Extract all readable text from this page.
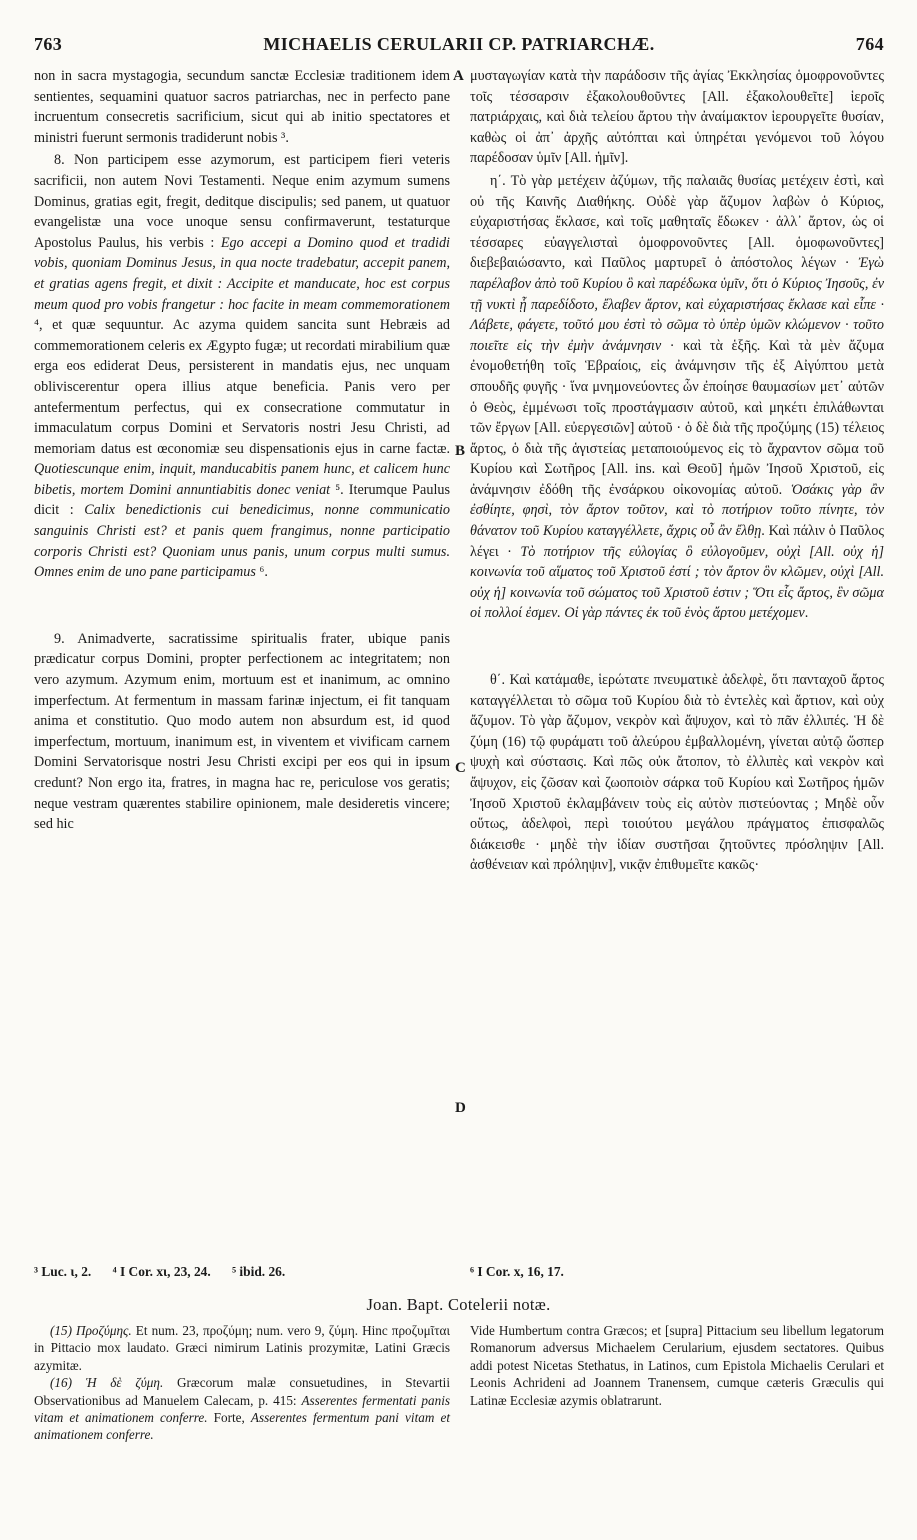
763	MICHAELIS CERULARII CP. PATRIARCHÆ.	764

non in sacra mystagogia, secundum sanctæ Ecclesiæ traditionem idem sentientes, sequamini quatuor sacros patriarchas, nec in perfecto pane incruentum consecretis sacrificium, sicut qui ab initio spectatores et ministri fuerunt sermonis tradiderunt nobis ³.

8. Non participem esse azymorum, est participem fieri veteris sacrificii, non autem Novi Testamenti. Neque enim azymum sumens Dominus, gratias egit, fregit, deditque discipulis; sed panem, ut quatuor evangelistæ una voce unoque sensu confirmaverunt, testaturque Apostolus Paulus, his verbis : Ego accepi a Domino quod et tradidi vobis, quoniam Dominus Jesus, in qua nocte tradebatur, accepit panem, et gratias agens fregit, et dixit : Accipite et manducate, hoc est corpus meum quod pro vobis frangetur : hoc facite in meam commemorationem ⁴, et quæ sequuntur. Ac azyma quidem sancita sunt Hebræis ad commemorationem celeris ex Ægypto fugæ; ut recordati mirabilium quæ erga eos ediderat Deus, persisterent in mandatis ejus, nec unquam obliviscerentur opera illius atque beneficia. Panis vero per antefermentum perfectus, qui ex consecratione commutatur in immaculatum corpus Domini et Servatoris nostri Jesu Christi, ad memoriam datus est œconomiæ seu dispensationis ejus in carne factæ. Quotiescunque enim, inquit, manducabitis panem hunc, et calicem hunc bibetis, mortem Domini annuntiabitis donec veniat ⁵. Iterumque Paulus dicit : Calix benedictionis cui benedicimus, nonne communicatio sanguinis Christi est? et panis quem frangimus, nonne participatio corporis Christi est? Quoniam unus panis, unum corpus multi sumus. Omnes enim de uno pane participamus ⁶.

9. Animadverte, sacratissime spiritualis frater, ubique panis prædicatur corpus Domini, propter perfectionem ac integritatem; non vero azymum. Azymum enim, mortuum est et inanimum, ac omnino imperfectum. At fermentum in massam farinæ injectum, ei fit tanquam anima et constitutio. Quo modo autem non absurdum est, id quod imperfectum, mortuum, inanimum est, in viventem et vivificam carnem Domini Servatorisque nostri Jesu Christi excipi per eos qui in ipsum credunt? Non ergo ita, fratres, in magna hac re, periculose vos geratis; neque vestram quærentes stabilire opinionem, male desideretis vincere; sed hic

μυσταγωγίαν κατὰ τὴν παράδοσιν τῆς ἁγίας Ἐκκλησίας ὁμοφρονοῦντες τοῖς τέσσαρσιν ἐξακολουθοῦντες [All. ἐξακολουθεῖτε] ἱεροῖς πατριάρχαις, καὶ διὰ τελείου ἄρτου τὴν ἀναίμακτον ἱερουργεῖτε θυσίαν, καθὼς οἱ ἀπ᾽ ἀρχῆς αὐτόπται καὶ ὑπηρέται γενόμενοι τοῦ λόγου παρέδοσαν ὑμῖν [All. ἡμῖν].

η΄. Τὸ γὰρ μετέχειν ἀζύμων, τῆς παλαιᾶς θυσίας μετέχειν ἐστὶ, καὶ οὐ τῆς Καινῆς Διαθήκης. Οὐδὲ γὰρ ἄζυμον λαβὼν ὁ Κύριος, εὐχαριστήσας ἔκλασε, καὶ τοῖς μαθηταῖς ἔδωκεν · ἀλλ᾽ ἄρτον, ὡς οἱ τέσσαρες εὐαγγελισταὶ ὁμοφρονοῦντες [All. ὁμοφωνοῦντες] διεβεβαιώσαντο, καὶ Παῦλος μαρτυρεῖ ὁ ἀπόστολος λέγων · Ἐγὼ παρέλαβον ἀπὸ τοῦ Κυρίου ὃ καὶ παρέδωκα ὑμῖν, ὅτι ὁ Κύριος Ἰησοῦς, ἐν τῇ νυκτὶ ᾗ παρεδίδοτο, ἔλαβεν ἄρτον, καὶ εὐχαριστήσας ἔκλασε καὶ εἶπε · Λάβετε, φάγετε, τοῦτό μου ἐστὶ τὸ σῶμα τὸ ὑπὲρ ὑμῶν κλώμενον · τοῦτο ποιεῖτε εἰς τὴν ἐμὴν ἀνάμνησιν · καὶ τὰ ἑξῆς. Καὶ τὰ μὲν ἄζυμα ἐνομοθετήθη τοῖς Ἑβραίοις, εἰς ἀνάμνησιν τῆς ἐξ Αἰγύπτου μετὰ σπουδῆς φυγῆς · ἵνα μνημονεύοντες ὧν ἐποίησε θαυμασίων μετ᾽ αὐτῶν ὁ Θεὸς, ἐμμένωσι τοῖς προστάγμασιν αὐτοῦ, καὶ μηκέτι ἐπιλάθωνται τῶν ἔργων [All. εὐεργεσιῶν] αὐτοῦ · ὁ δὲ διὰ τῆς προζύμης (15) τέλειος ἄρτος, ὁ διὰ τῆς ἁγιστείας μεταποιούμενος εἰς τὸ ἄχραντον σῶμα τοῦ Κυρίου καὶ Σωτῆρος [All. ins. καὶ Θεοῦ] ἡμῶν Ἰησοῦ Χριστοῦ, εἰς ἀνάμνησιν ἐδόθη τῆς ἐνσάρκου οἰκονομίας αὐτοῦ. Ὁσάκις γὰρ ἂν ἐσθίητε, φησὶ, τὸν ἄρτον τοῦτον, καὶ τὸ ποτήριον τοῦτο πίνητε, τὸν θάνατον τοῦ Κυρίου καταγγέλλετε, ἄχρις οὗ ἂν ἔλθῃ. Καὶ πάλιν ὁ Παῦλος λέγει · Τὸ ποτήριον τῆς εὐλογίας ὃ εὐλογοῦμεν, οὐχὶ [All. οὐχ ἡ] κοινωνία τοῦ αἵματος τοῦ Χριστοῦ ἐστί ; τὸν ἄρτον ὃν κλῶμεν, οὐχὶ [All. οὐχ ἡ] κοινωνία τοῦ σώματος τοῦ Χριστοῦ ἐστιν ; Ὅτι εἷς ἄρτος, ἓν σῶμα οἱ πολλοί ἐσμεν. Οἱ γὰρ πάντες ἐκ τοῦ ἑνὸς ἄρτου μετέχομεν.

θ΄. Καὶ κατάμαθε, ἱερώτατε πνευματικὲ ἀδελφὲ, ὅτι πανταχοῦ ἄρτος καταγγέλλεται τὸ σῶμα τοῦ Κυρίου διὰ τὸ ἐντελὲς καὶ ἄρτιον, καὶ οὐχ ἄζυμον. Τὸ γὰρ ἄζυμον, νεκρὸν καὶ ἄψυχον, καὶ τὸ πᾶν ἐλλιπές. Ἡ δὲ ζύμη (16) τῷ φυράματι τοῦ ἀλεύρου ἐμβαλλομένη, γίνεται αὐτῷ ὥσπερ ψυχὴ καὶ σύστασις. Καὶ πῶς οὐκ ἄτοπον, τὸ ἐλλιπὲς καὶ νεκρὸν καὶ ἄψυχον, εἰς ζῶσαν καὶ ζωοποιὸν σάρκα τοῦ Κυρίου καὶ Σωτῆρος ἡμῶν Ἰησοῦ Χριστοῦ ἐκλαμβάνειν τοὺς εἰς αὐτὸν πιστεύοντας ; Μηδὲ οὖν οὕτως, ἀδελφοὶ, περὶ τοιούτου μεγάλου πράγματος ἐπισφαλῶς διάκεισθε · μηδὲ τὴν ἰδίαν συστῆσαι ζητοῦντες πρόσληψιν [All. ἀσθένειαν καὶ πρόληψιν], νικᾷν ἐπιθυμεῖτε κακῶς·

A
B
C
D
³ Luc. ι, 2. ⁴ I Cor. xι, 23, 24. ⁵ ibid. 26.	⁶ I Cor. x, 16, 17.
Joan. Bapt. Cotelerii notæ.

(15) Προζύμης. Et num. 23, προζύμη; num. vero 9, ζύμη. Hinc προζυμῖται in Pittacio mox laudato. Græci nimirum Latinis prozymitæ, Latini Græcis azymitæ.

(16) Ἡ δὲ ζύμη. Græcorum malæ consuetudines, in Stevartii Observationibus ad Manuelem Calecam, p. 415: Asserentes fermentati panis vitam et animationem conferre. Forte, Asserentes fermentum pani vitam et animationem conferre.

Vide Humbertum contra Græcos; et [supra] Pittacium seu libellum legatorum Romanorum adversus Michaelem Cerularium, ejusdem sectatores. Quibus addi potest Nicetas Stethatus, in Latinos, cum Epistola Michaelis Cerulari et Leonis Achrideni ad Joannem Tranensem, cumque cæteris Græculis qui Latinæ Ecclesiæ azymis oblatrarunt.
